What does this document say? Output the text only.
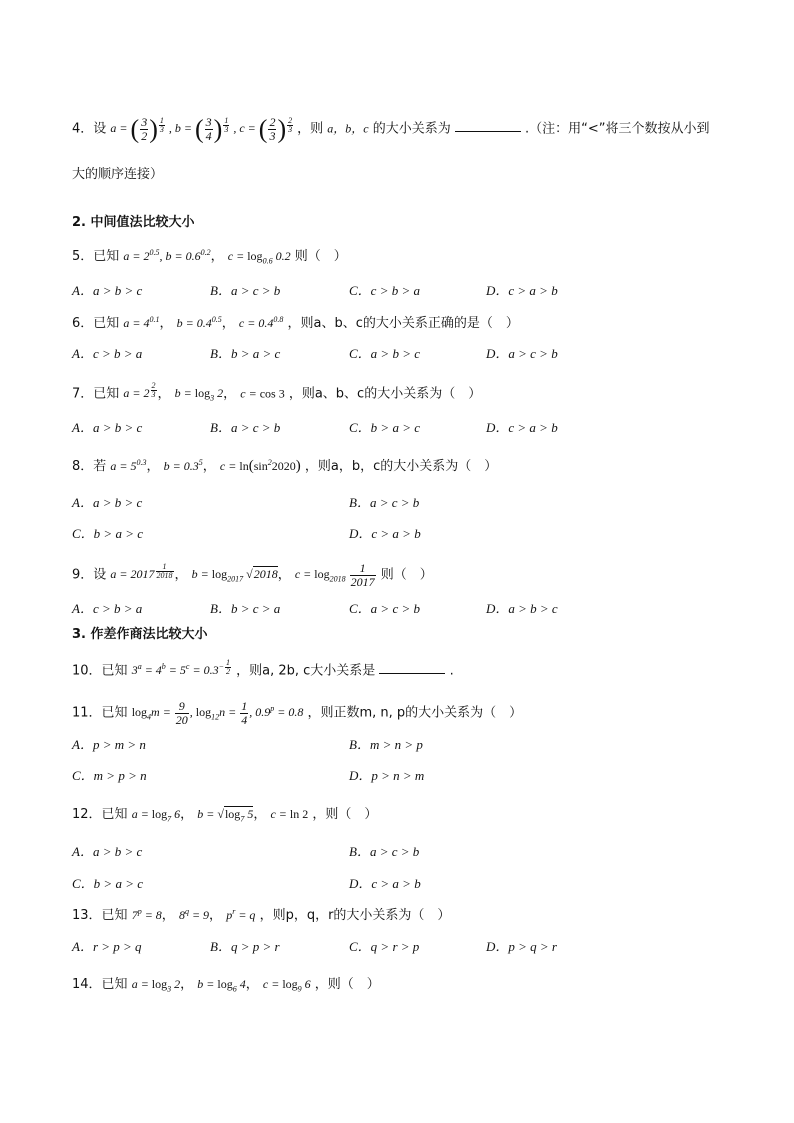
4．设 a = ( $\frac{3}{2}$ ) $^{\frac{1}{3}}$ , b = ( $\frac{3}{4}$ ) $^{\frac{1}{3}}$ , c = ( $\frac{2}{3}$ ) $^{\frac{2}{3}}$ ，则 a，b，c 的大小关系为	.（注：用“<”将三个数按从小到
大的顺序连接）
2. 中间值法比较大小
5．已知 $a = 2^{0.5}$, $b = 0.6^{0.2}$， $c = \log_{0.6} 0.2$ 则（　）
A．a > b > c	B．a > c > b	C．c > b > a	D．c > a > b
6．已知 $a = 4^{0.1}$， $b = 0.4^{0.5}$， $c = 0.4^{0.8}$ ，则a、b、c的大小关系正确的是（　）
A．c > b > a	B．b > a > c	C．a > b > c	D．a > c > b
7．已知 a = 2 $^{\frac{2}{3}}$ ， $b = \log_3 2$， c = cos 3 ，则a、b、c的大小关系为（　）
A．a > b > c	B．a > c > b	C．b > a > c	D．c > a > b
8．若 $a = 5^{0.3}$， $b = 0.3^5$， $c = \ln(\sin^22020)$ ，则a，b，c的大小关系为（　）
A．a > b > c	B．a > c > b
C．b > a > c	D．c > a > b
9．设 a = 2017 $^{\frac{1}{2018}}$ ， $b = \log_{2017} √2018$， $c = \log_{2018} \frac{1}{2017}$ 则（　）
A．c > b > a	B．b > c > a	C．a > c > b	D．a > b > c
3. 作差作商法比较大小
10．已知 $3^a = 4^b = 5^c = 0.3^{- \frac{1}{2}}$ ，则a, 2b, c大小关系是	.
11．已知 $\log_4m = \frac{9}{20}$ , $\log_{12}n = \frac{1}{4}$ , $0.9^p = 0.8$ ，则正数m, n, p的大小关系为（　）
A．p > m > n	B．m > n > p
C．m > p > n	D．p > n > m
12．已知 $a = \log_7 6$， $b = √\log_7$ 5， c = ln 2 ，则（　）
A．a > b > c	B．a > c > b
C．b > a > c	D．c > a > b
13．已知 $7^p = 8$， $8^q = 9$， $p^r = q$ ，则p，q，r的大小关系为（　）
A．r > p > q	B．q > p > r	C．q > r > p	D．p > q > r
14．已知 $a = \log_3 2$， $b = \log_6 4$， $c = \log_9 6$ ，则（　）
